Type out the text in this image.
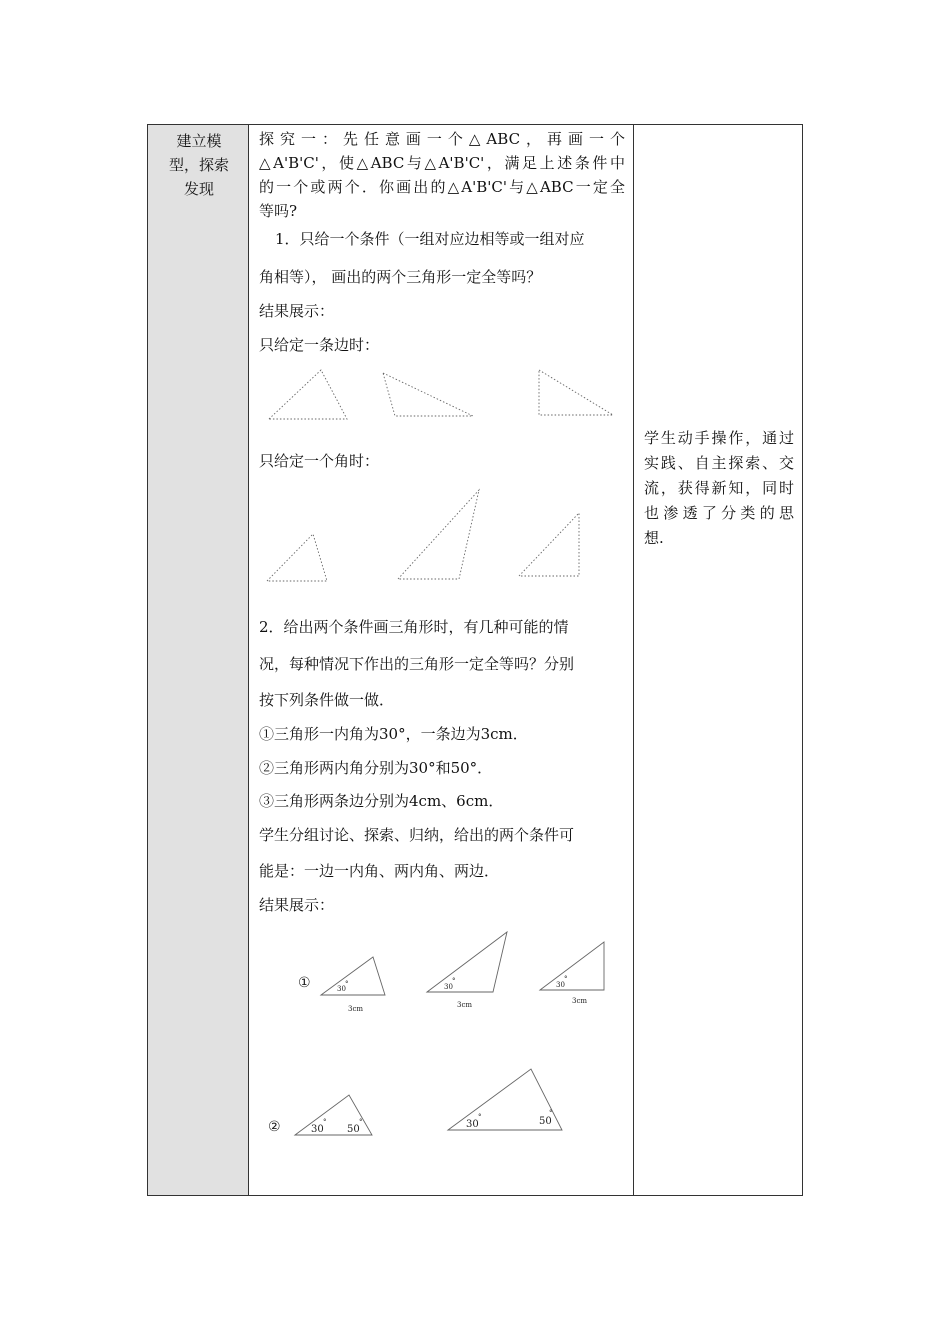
建立模
型，探索
发现
探究一：先任意画一个△ABC，再画一个
△A'B'C'，使△ABC与△A'B'C'，满足上述条件中
的一个或两个．你画出的△A'B'C'与△ABC一定全
等吗?
1．只给一个条件（一组对应边相等或一组对应
角相等）， 画出的两个三角形一定全等吗？
结果展示：
只给定一条边时：
只给定一个角时：
2．给出两个条件画三角形时，有几种可能的情
况，每种情况下作出的三角形一定全等吗？分别
按下列条件做一做．
①三角形一内角为30°，一条边为3cm．
②三角形两内角分别为30°和50°．
③三角形两条边分别为4cm、6cm．
学生分组讨论、探索、归纳，给出的两个条件可
能是：一边一内角、两内角、两边．
结果展示：
①	30
°
3cm
30
°
3cm
30
°
3cm
②	30
°
50
°	30
°	50
°
学生动手操作，通过
实践、自主探索、交
流，获得新知，同时
也渗透了分类的思
想.
